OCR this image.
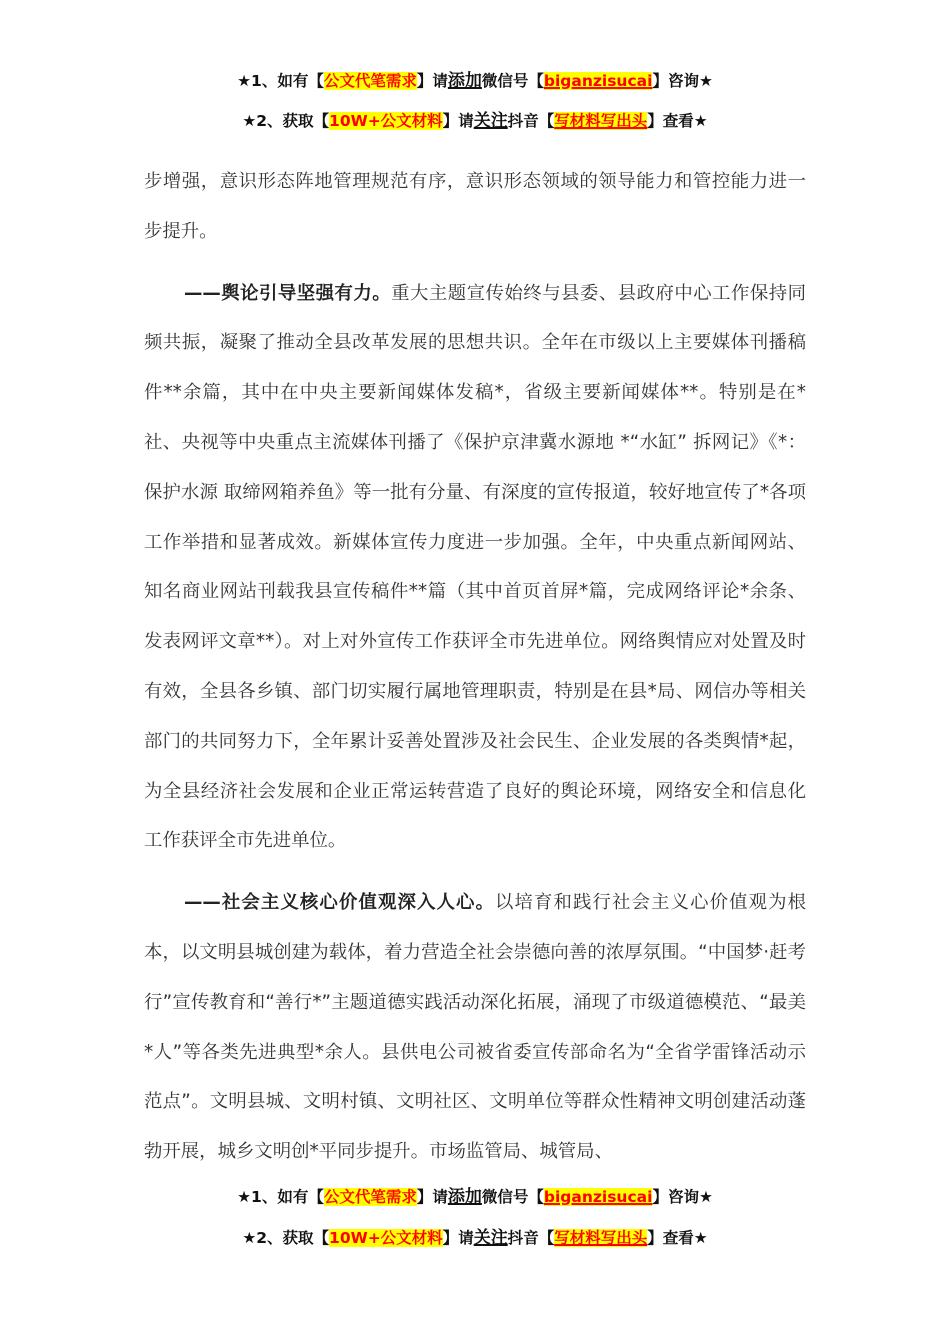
★1、如有【公文代笔需求】请添加微信号【biganzisucai】咨询★
★2、获取【10W+公文材料】请关注抖音【写材料写出头】查看★

步增强，意识形态阵地管理规范有序，意识形态领域的领导能力和管控能力进一步提升。

——舆论引导坚强有力。重大主题宣传始终与县委、县政府中心工作保持同频共振，凝聚了推动全县改革发展的思想共识。全年在市级以上主要媒体刊播稿件**余篇，其中在中央主要新闻媒体发稿*，省级主要新闻媒体**。特别是在*社、央视等中央重点主流媒体刊播了《保护京津冀水源地 *“水缸” 拆网记》《*：保护水源 取缔网箱养鱼》等一批有分量、有深度的宣传报道，较好地宣传了*各项工作举措和显著成效。新媒体宣传力度进一步加强。全年，中央重点新闻网站、知名商业网站刊载我县宣传稿件**篇（其中首页首屏*篇，完成网络评论*余条、发表网评文章**）。对上对外宣传工作获评全市先进单位。网络舆情应对处置及时有效，全县各乡镇、部门切实履行属地管理职责，特别是在县*局、网信办等相关部门的共同努力下，全年累计妥善处置涉及社会民生、企业发展的各类舆情*起，为全县经济社会发展和企业正常运转营造了良好的舆论环境，网络安全和信息化工作获评全市先进单位。

——社会主义核心价值观深入人心。以培育和践行社会主义心价值观为根本，以文明县城创建为载体，着力营造全社会崇德向善的浓厚氛围。“中国梦·赶考行”宣传教育和“善行*”主题道德实践活动深化拓展，涌现了市级道德模范、“最美*人”等各类先进典型*余人。县供电公司被省委宣传部命名为“全省学雷锋活动示范点”。文明县城、文明村镇、文明社区、文明单位等群众性精神文明创建活动蓬勃开展，城乡文明创*平同步提升。市场监管局、城管局、

★1、如有【公文代笔需求】请添加微信号【biganzisucai】咨询★
★2、获取【10W+公文材料】请关注抖音【写材料写出头】查看★
